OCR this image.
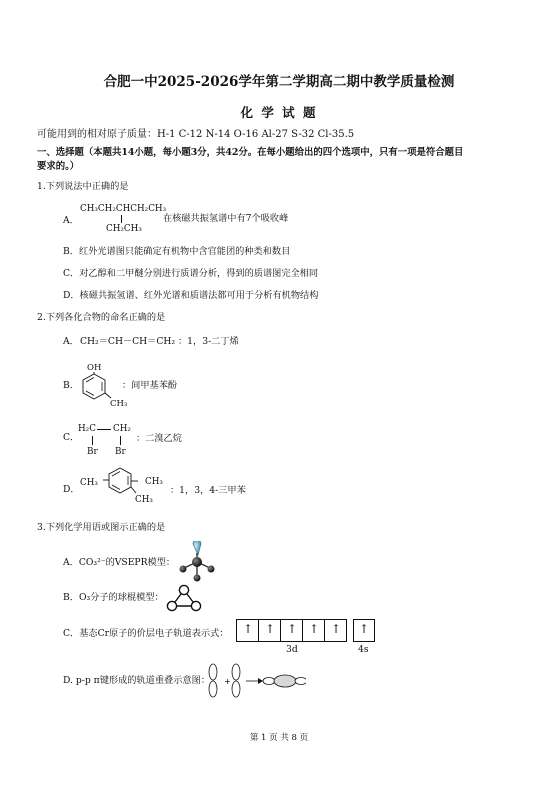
合肥一中2025-2026学年第二学期高二期中教学质量检测
化 学 试 题
可能用到的相对原子质量：H-1 C-12 N-14 O-16 Al-27 S-32 Cl-35.5
一、选择题（本题共14小题，每小题3分，共42分。在每小题给出的四个选项中，只有一项是符合题目
要求的。）
1.下列说法中正确的是
A．
CH₃CH₂CHCH₂CH₃
CH₂CH₃
在核磁共振氢谱中有7个吸收峰
B．红外光谱图只能确定有机物中含官能团的种类和数目
C．对乙醇和二甲醚分别进行质谱分析，得到的质谱图完全相同
D．核磁共振氢谱、红外光谱和质谱法都可用于分析有机物结构
2.下列各化合物的命名正确的是
A． CH₂＝CH－CH＝CH₂ ：1，3-二丁烯
B．
OH
CH₃
：间甲基苯酚
C．
H₂C CH₂
Br Br
：二溴乙烷
D．
CH₃	CH₃
CH₃
：1，3，4-三甲苯
3.下列化学用语或图示正确的是
A．CO₃²⁻的VSEPR模型：
B．O₃分子的球棍模型：
C．基态Cr原子的价层电子轨道表示式： ↑ ↑ ↑ ↑ ↑ ↑
3d	4s
D. p-p π键形成的轨道重叠示意图： +
第 1 页 共 8 页
